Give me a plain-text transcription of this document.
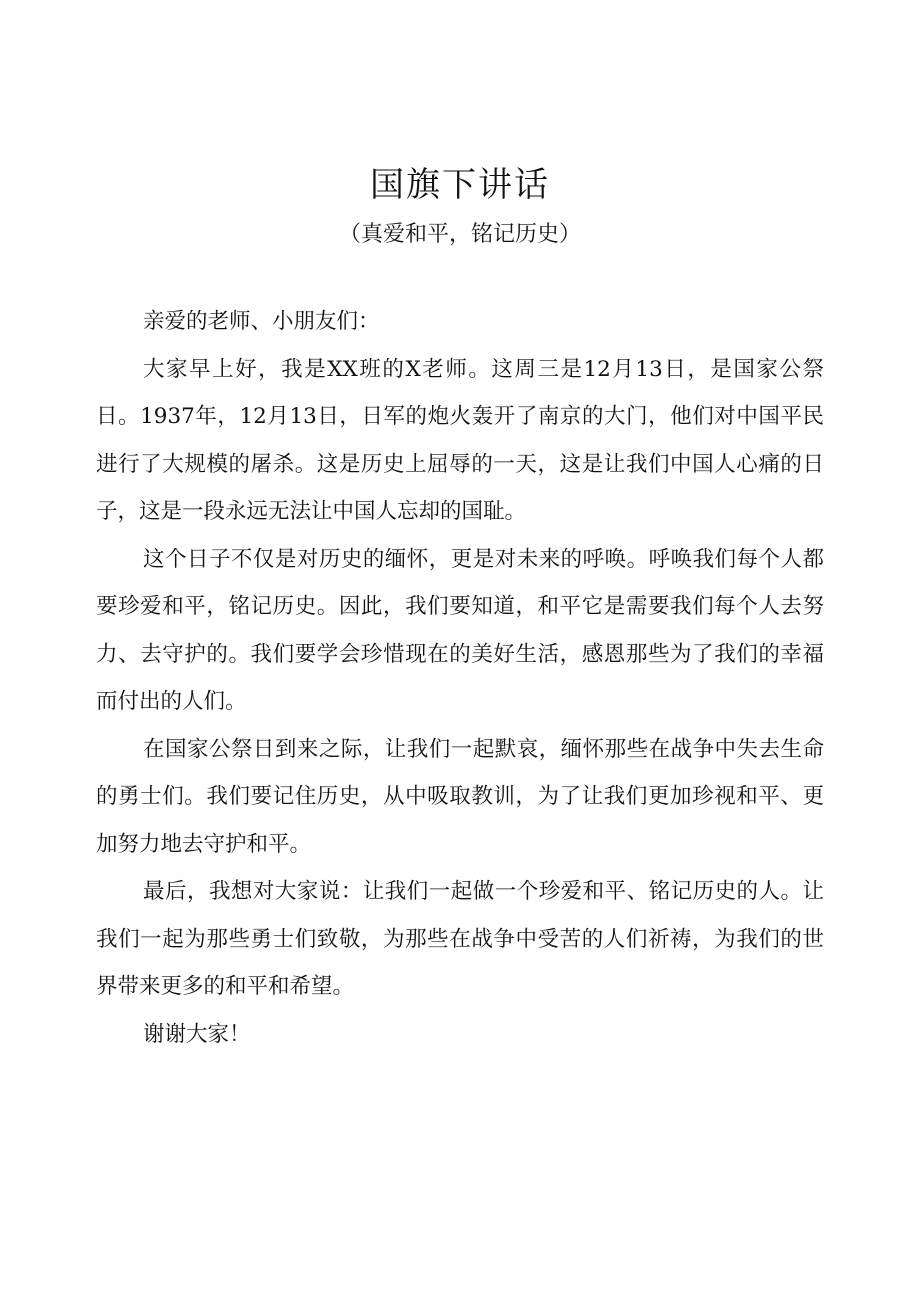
国旗下讲话
（真爱和平，铭记历史）

亲爱的老师、小朋友们：

大家早上好，我是XX班的X老师。这周三是12月13日，是国家公祭日。1937年，12月13日，日军的炮火轰开了南京的大门，他们对中国平民进行了大规模的屠杀。这是历史上屈辱的一天，这是让我们中国人心痛的日子，这是一段永远无法让中国人忘却的国耻。

这个日子不仅是对历史的缅怀，更是对未来的呼唤。呼唤我们每个人都要珍爱和平，铭记历史。因此，我们要知道，和平它是需要我们每个人去努力、去守护的。我们要学会珍惜现在的美好生活，感恩那些为了我们的幸福而付出的人们。

在国家公祭日到来之际，让我们一起默哀，缅怀那些在战争中失去生命的勇士们。我们要记住历史，从中吸取教训，为了让我们更加珍视和平、更加努力地去守护和平。

最后，我想对大家说：让我们一起做一个珍爱和平、铭记历史的人。让我们一起为那些勇士们致敬，为那些在战争中受苦的人们祈祷，为我们的世界带来更多的和平和希望。

谢谢大家！
